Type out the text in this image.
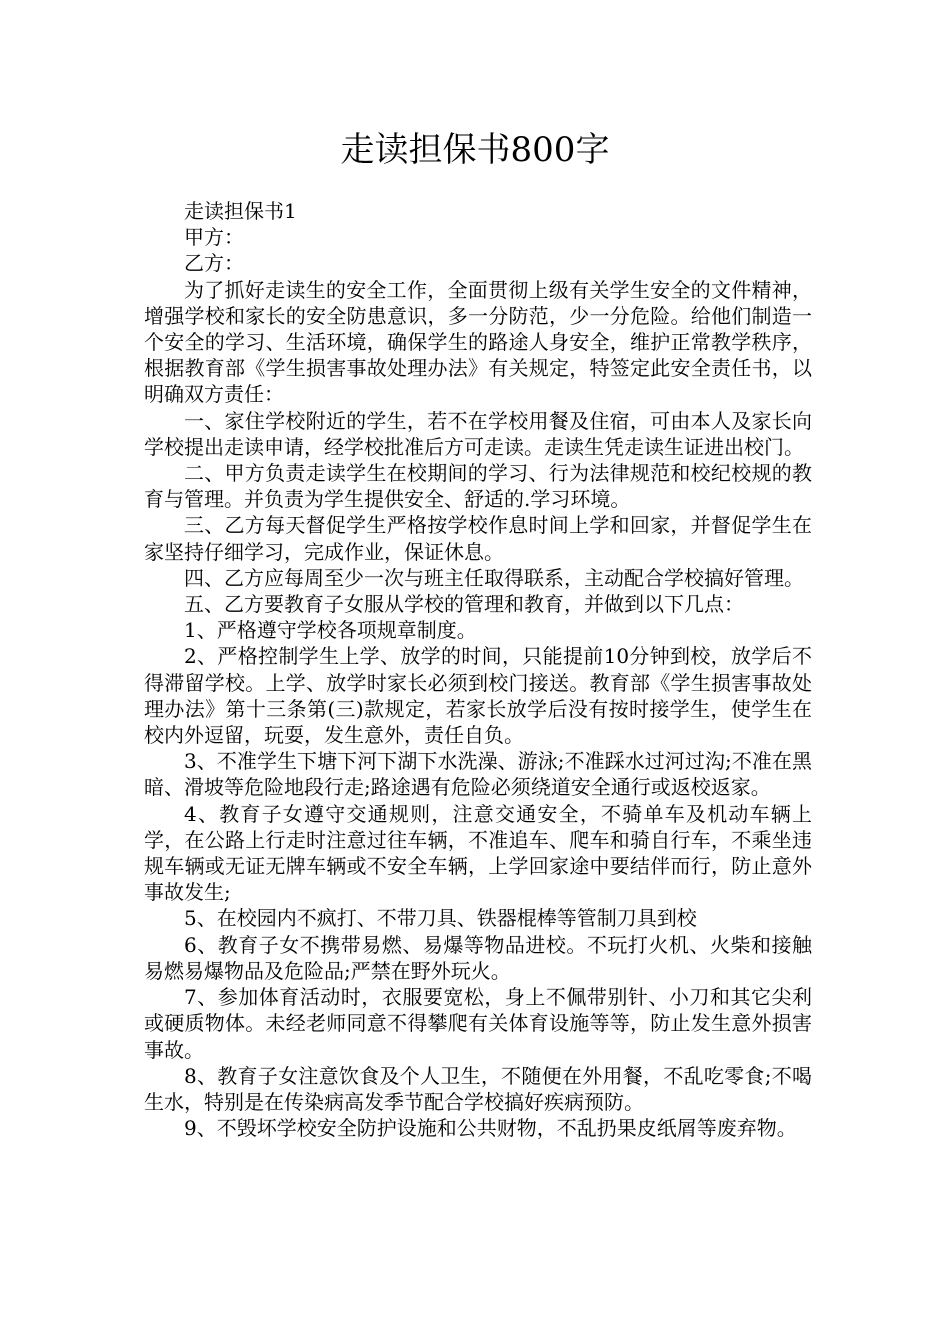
走读担保书800字

走读担保书1

甲方：

乙方：

为了抓好走读生的安全工作，全面贯彻上级有关学生安全的文件精神，增强学校和家长的安全防患意识，多一分防范，少一分危险。给他们制造一个安全的学习、生活环境，确保学生的路途人身安全，维护正常教学秩序，根据教育部《学生损害事故处理办法》有关规定，特签定此安全责任书，以明确双方责任：

一、家住学校附近的学生，若不在学校用餐及住宿，可由本人及家长向学校提出走读申请，经学校批准后方可走读。走读生凭走读生证进出校门。

二、甲方负责走读学生在校期间的学习、行为法律规范和校纪校规的教育与管理。并负责为学生提供安全、舒适的.学习环境。

三、乙方每天督促学生严格按学校作息时间上学和回家，并督促学生在家坚持仔细学习，完成作业，保证休息。

四、乙方应每周至少一次与班主任取得联系，主动配合学校搞好管理。

五、乙方要教育子女服从学校的管理和教育，并做到以下几点：

1、严格遵守学校各项规章制度。

2、严格控制学生上学、放学的时间，只能提前10分钟到校，放学后不得滞留学校。上学、放学时家长必须到校门接送。教育部《学生损害事故处理办法》第十三条第(三)款规定，若家长放学后没有按时接学生，使学生在校内外逗留，玩耍，发生意外，责任自负。

3、不准学生下塘下河下湖下水洗澡、游泳;不准踩水过河过沟;不准在黑暗、滑坡等危险地段行走;路途遇有危险必须绕道安全通行或返校返家。

4、教育子女遵守交通规则，注意交通安全，不骑单车及机动车辆上学，在公路上行走时注意过往车辆，不准追车、爬车和骑自行车，不乘坐违规车辆或无证无牌车辆或不安全车辆，上学回家途中要结伴而行，防止意外事故发生;

5、在校园内不疯打、不带刀具、铁器棍棒等管制刀具到校

6、教育子女不携带易燃、易爆等物品进校。不玩打火机、火柴和接触易燃易爆物品及危险品;严禁在野外玩火。

7、参加体育活动时，衣服要宽松，身上不佩带别针、小刀和其它尖利或硬质物体。未经老师同意不得攀爬有关体育设施等等，防止发生意外损害事故。

8、教育子女注意饮食及个人卫生，不随便在外用餐，不乱吃零食;不喝生水，特别是在传染病高发季节配合学校搞好疾病预防。

9、不毁坏学校安全防护设施和公共财物，不乱扔果皮纸屑等废弃物。
